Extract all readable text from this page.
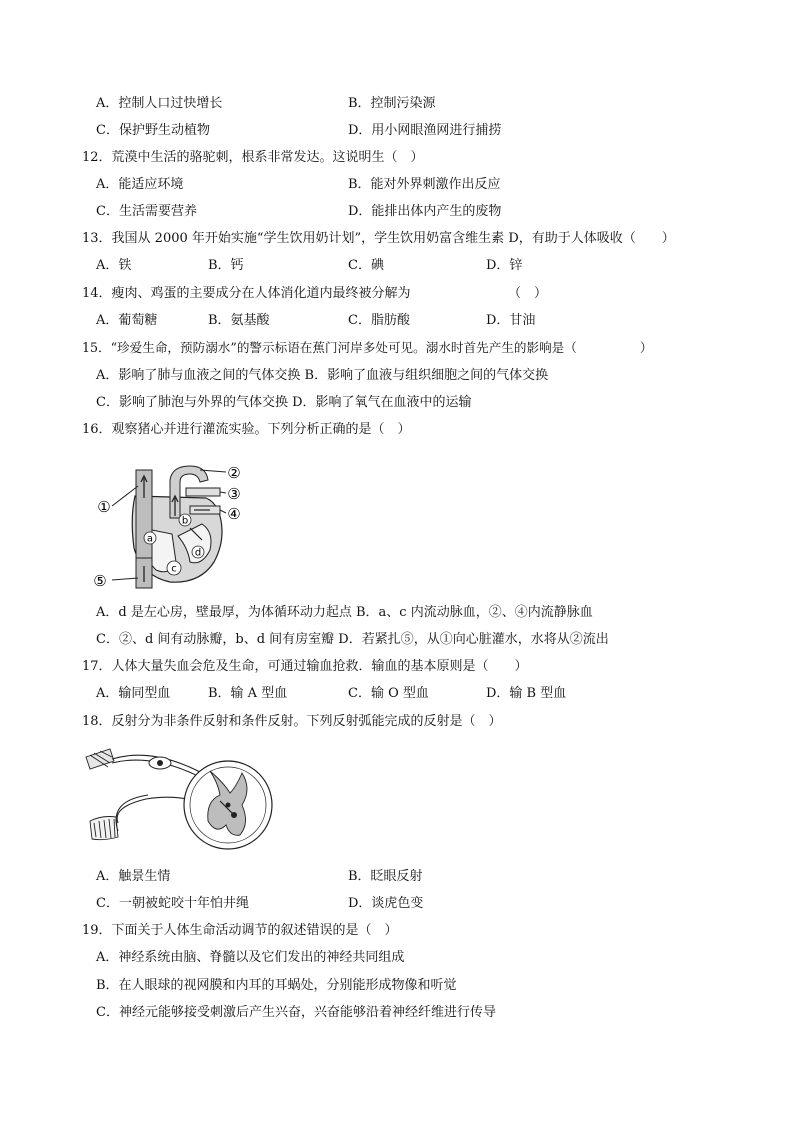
A．控制人口过快增长	B．控制污染源
C．保护野生动植物	D．用小网眼渔网进行捕捞
12．荒漠中生活的骆驼刺，根系非常发达。这说明生（　）
A．能适应环境	B．能对外界刺激作出反应
C．生活需要营养	D．能排出体内产生的废物
13．我国从 2000 年开始实施“学生饮用奶计划”，学生饮用奶富含维生素 D，有助于人体吸收（　　）
A．铁	B．钙	C．碘	D．锌
14．瘦肉、鸡蛋的主要成分在人体消化道内最终被分解为　　　　　　　　（　）
A．葡萄糖	B．氨基酸	C．脂肪酸	D．甘油
15．“珍爱生命，预防溺水”的警示标语在蕉门河岸多处可见。溺水时首先产生的影响是（　　　　　）
A．影响了肺与血液之间的气体交换 B．影响了血液与组织细胞之间的气体交换
C．影响了肺泡与外界的气体交换 D．影响了氧气在血液中的运输
16．观察猪心并进行灌流实验。下列分析正确的是（　）
a
b
c
d
①
②
③
④
⑤
A．d 是左心房，壁最厚，为体循环动力起点 B．a、c 内流动脉血，②、④内流静脉血
C．②、d 间有动脉瓣，b、d 间有房室瓣 D．若紧扎⑤，从①向心脏灌水，水将从②流出
17．人体大量失血会危及生命，可通过输血抢救．输血的基本原则是（　　）
A．输同型血	B．输 A 型血	C．输 O 型血	D．输 B 型血
18．反射分为非条件反射和条件反射。下列反射弧能完成的反射是（　）
A．触景生情	B．眨眼反射
C．一朝被蛇咬十年怕井绳	D．谈虎色变
19．下面关于人体生命活动调节的叙述错误的是（　）
A．神经系统由脑、脊髓以及它们发出的神经共同组成
B．在人眼球的视网膜和内耳的耳蜗处，分别能形成物像和听觉
C．神经元能够接受刺激后产生兴奋，兴奋能够沿着神经纤维进行传导
